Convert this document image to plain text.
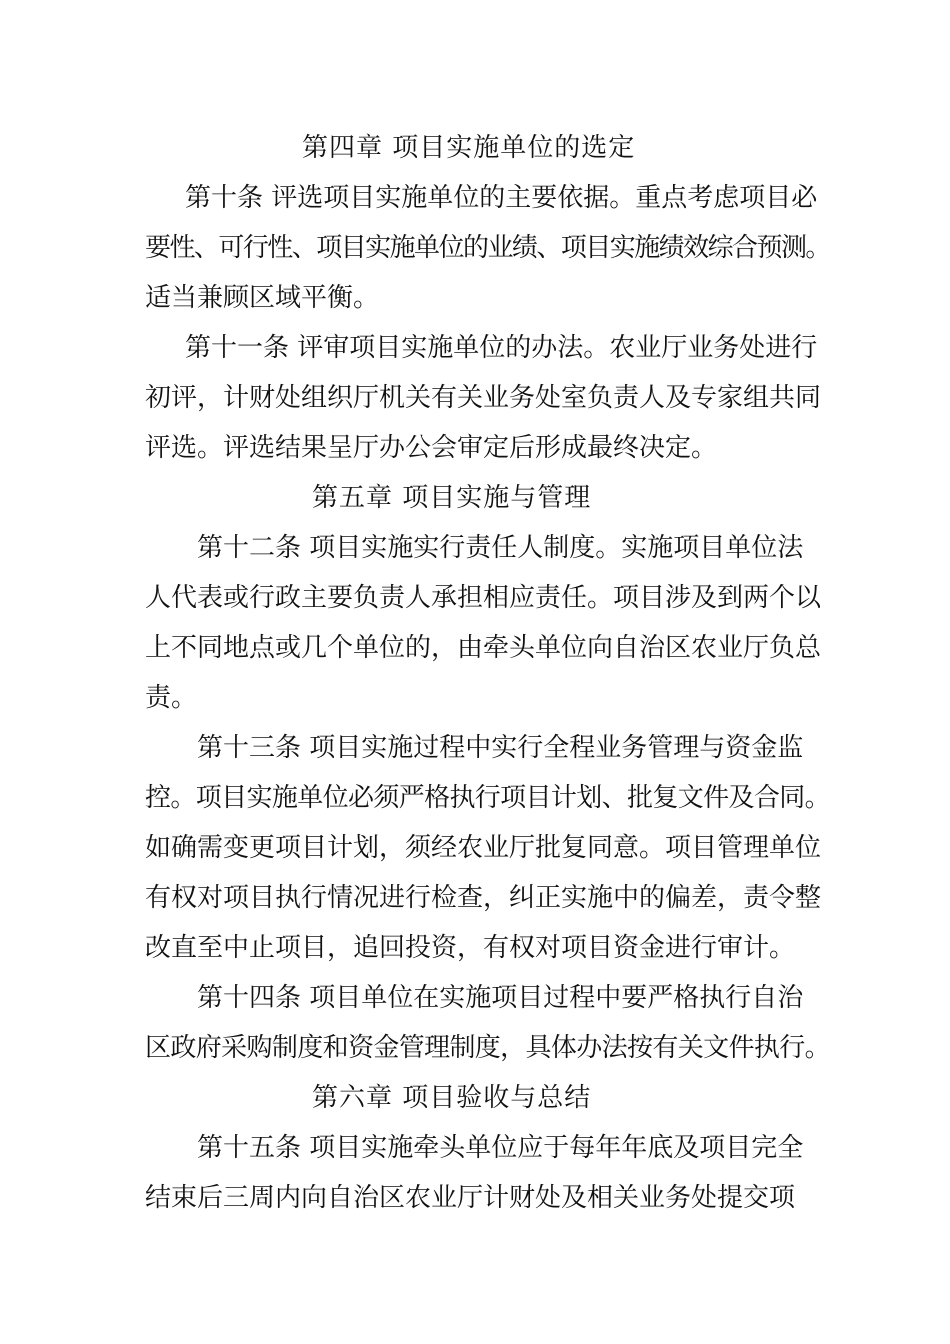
第四章 项目实施单位的选定
第十条 评选项目实施单位的主要依据。重点考虑项目必
要性、可行性、项目实施单位的业绩、项目实施绩效综合预测。
适当兼顾区域平衡。
第十一条 评审项目实施单位的办法。农业厅业务处进行
初评，计财处组织厅机关有关业务处室负责人及专家组共同
评选。评选结果呈厅办公会审定后形成最终决定。
第五章 项目实施与管理
第十二条 项目实施实行责任人制度。实施项目单位法
人代表或行政主要负责人承担相应责任。项目涉及到两个以
上不同地点或几个单位的，由牵头单位向自治区农业厅负总
责。
第十三条 项目实施过程中实行全程业务管理与资金监
控。项目实施单位必须严格执行项目计划、批复文件及合同。
如确需变更项目计划，须经农业厅批复同意。项目管理单位
有权对项目执行情况进行检查，纠正实施中的偏差，责令整
改直至中止项目，追回投资，有权对项目资金进行审计。
第十四条 项目单位在实施项目过程中要严格执行自治
区政府采购制度和资金管理制度，具体办法按有关文件执行。
第六章 项目验收与总结
第十五条 项目实施牵头单位应于每年年底及项目完全
结束后三周内向自治区农业厅计财处及相关业务处提交项
